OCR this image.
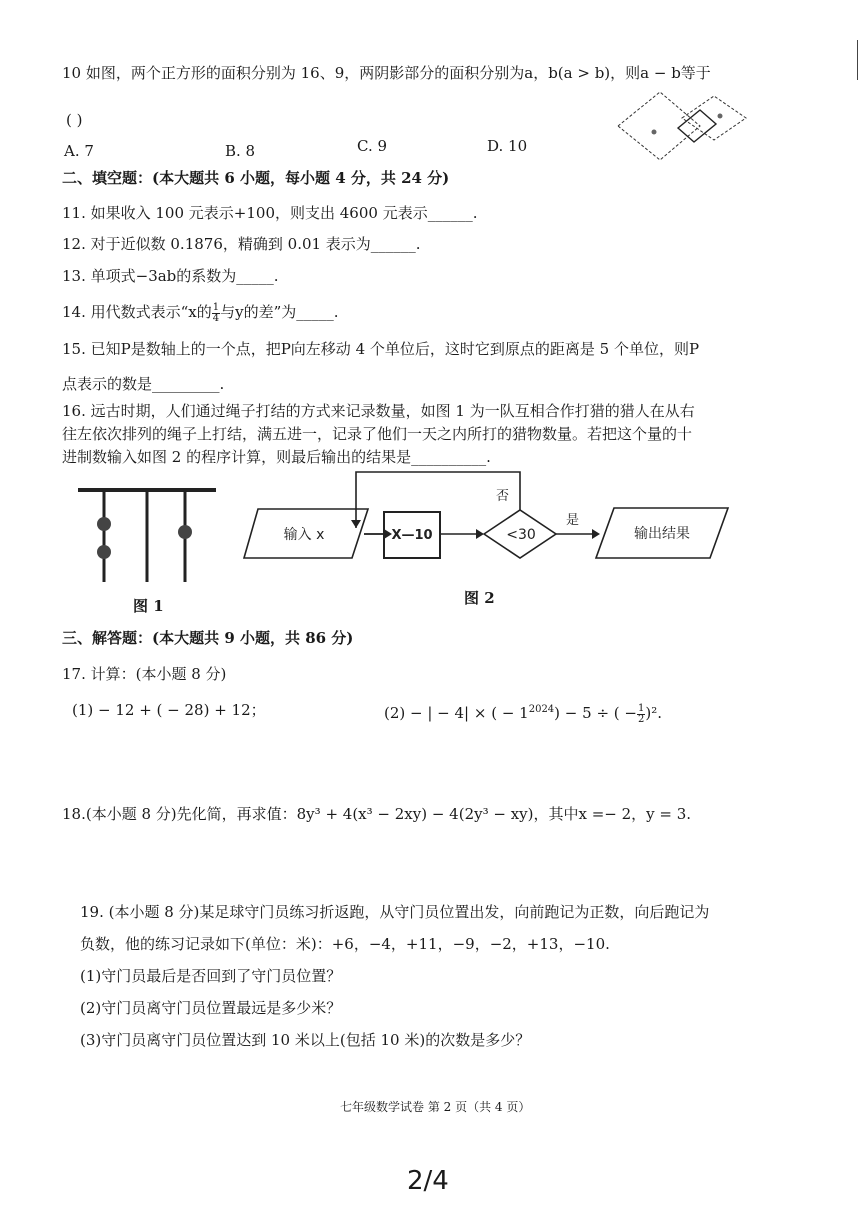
10 如图，两个正方形的面积分别为 16、9，两阴影部分的面积分别为a，b(a > b)，则a − b等于
( )
A. 7	B. 8	C. 9	D. 10
二、填空题：(本大题共 6 小题，每小题 4 分，共 24 分)
11. 如果收入 100 元表示+100，则支出 4600 元表示______.
12. 对于近似数 0.1876，精确到 0.01 表示为______.
13. 单项式−3ab的系数为_____.
14. 用代数式表示“x的 $\frac{1}{4}$ 与y的差”为_____.
15. 已知P是数轴上的一个点，把P向左移动 4 个单位后，这时它到原点的距离是 5 个单位，则P
点表示的数是_________.
16. 远古时期，人们通过绳子打结的方式来记录数量，如图 1 为一队互相合作打猎的猎人在从右
往左依次排列的绳子上打结，满五进一，记录了他们一天之内所打的猎物数量。若把这个量的十
进制数输入如图 2 的程序计算，则最后输出的结果是__________.
图 1
输入 x	X—10	<30
否
是
输出结果
图 2
三、解答题：(本大题共 9 小题，共 86 分)
17. 计算：(本小题 8 分)
(1) − 12 + ( − 28) + 12；	(2) − | − 4| × ( − $1^{2024}) - 5$ ÷ ( − $\frac{1}{2} )^2$.
18.(本小题 8 分)先化简，再求值：8y³ + 4(x³ − 2xy) − 4(2y³ − xy)，其中x =− 2，y = 3.
19. (本小题 8 分)某足球守门员练习折返跑，从守门员位置出发，向前跑记为正数，向后跑记为
负数，他的练习记录如下(单位：米)：+6，−4，+11，−9，−2，+13，−10.
(1)守门员最后是否回到了守门员位置？
(2)守门员离守门员位置最远是多少米？
(3)守门员离守门员位置达到 10 米以上(包括 10 米)的次数是多少？
七年级数学试卷 第 2 页（共 4 页）
2/4
